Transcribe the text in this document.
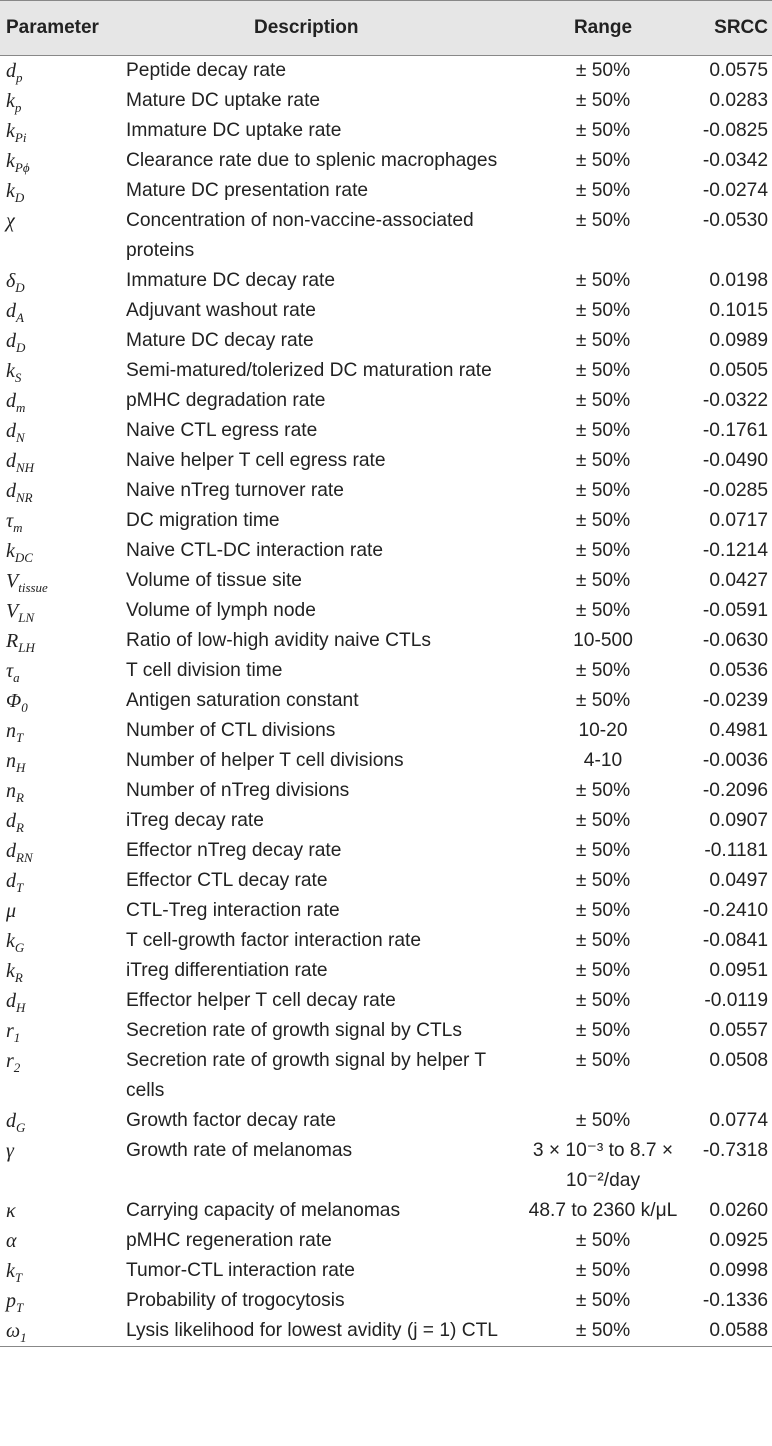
Parameter	Description	Range	SRCC
$d_p$	Peptide decay rate	± 50%	0.0575
$k_p$	Mature DC uptake rate	± 50%	0.0283
$k_{Pi}$	Immature DC uptake rate	± 50%	-0.0825
$k_{P\phi}$	Clearance rate due to splenic macrophages	± 50%	-0.0342
$k_D$	Mature DC presentation rate	± 50%	-0.0274
χ	Concentration of non-vaccine-associated proteins	± 50%	-0.0530
$\delta_D$	Immature DC decay rate	± 50%	0.0198
$d_A$	Adjuvant washout rate	± 50%	0.1015
$d_D$	Mature DC decay rate	± 50%	0.0989
$k_S$	Semi-matured/tolerized DC maturation rate	± 50%	0.0505
$d_m$	pMHC degradation rate	± 50%	-0.0322
$d_N$	Naive CTL egress rate	± 50%	-0.1761
$d_{NH}$	Naive helper T cell egress rate	± 50%	-0.0490
$d_{NR}$	Naive nTreg turnover rate	± 50%	-0.0285
$\tau_m$	DC migration time	± 50%	0.0717
$k_{DC}$	Naive CTL-DC interaction rate	± 50%	-0.1214
$V_{tissue}$	Volume of tissue site	± 50%	0.0427
$V_{LN}$	Volume of lymph node	± 50%	-0.0591
$R_{LH}$	Ratio of low-high avidity naive CTLs	10-500	-0.0630
$\tau_a$	T cell division time	± 50%	0.0536
$\Phi_0$	Antigen saturation constant	± 50%	-0.0239
$n_T$	Number of CTL divisions	10-20	0.4981
$n_H$	Number of helper T cell divisions	4-10	-0.0036
$n_R$	Number of nTreg divisions	± 50%	-0.2096
$d_R$	iTreg decay rate	± 50%	0.0907
$d_{RN}$	Effector nTreg decay rate	± 50%	-0.1181
$d_T$	Effector CTL decay rate	± 50%	0.0497
μ	CTL-Treg interaction rate	± 50%	-0.2410
$k_G$	T cell-growth factor interaction rate	± 50%	-0.0841
$k_R$	iTreg differentiation rate	± 50%	0.0951
$d_H$	Effector helper T cell decay rate	± 50%	-0.0119
$r_1$	Secretion rate of growth signal by CTLs	± 50%	0.0557
$r_2$	Secretion rate of growth signal by helper T cells	± 50%	0.0508
$d_G$	Growth factor decay rate	± 50%	0.0774
γ	Growth rate of melanomas	3 × 10⁻³ to 8.7 × 10⁻²/day	-0.7318
κ	Carrying capacity of melanomas	48.7 to 2360 k/μL	0.0260
α	pMHC regeneration rate	± 50%	0.0925
$k_T$	Tumor-CTL interaction rate	± 50%	0.0998
$p_T$	Probability of trogocytosis	± 50%	-0.1336
$\omega_1$	Lysis likelihood for lowest avidity (j = 1) CTL	± 50%	0.0588
